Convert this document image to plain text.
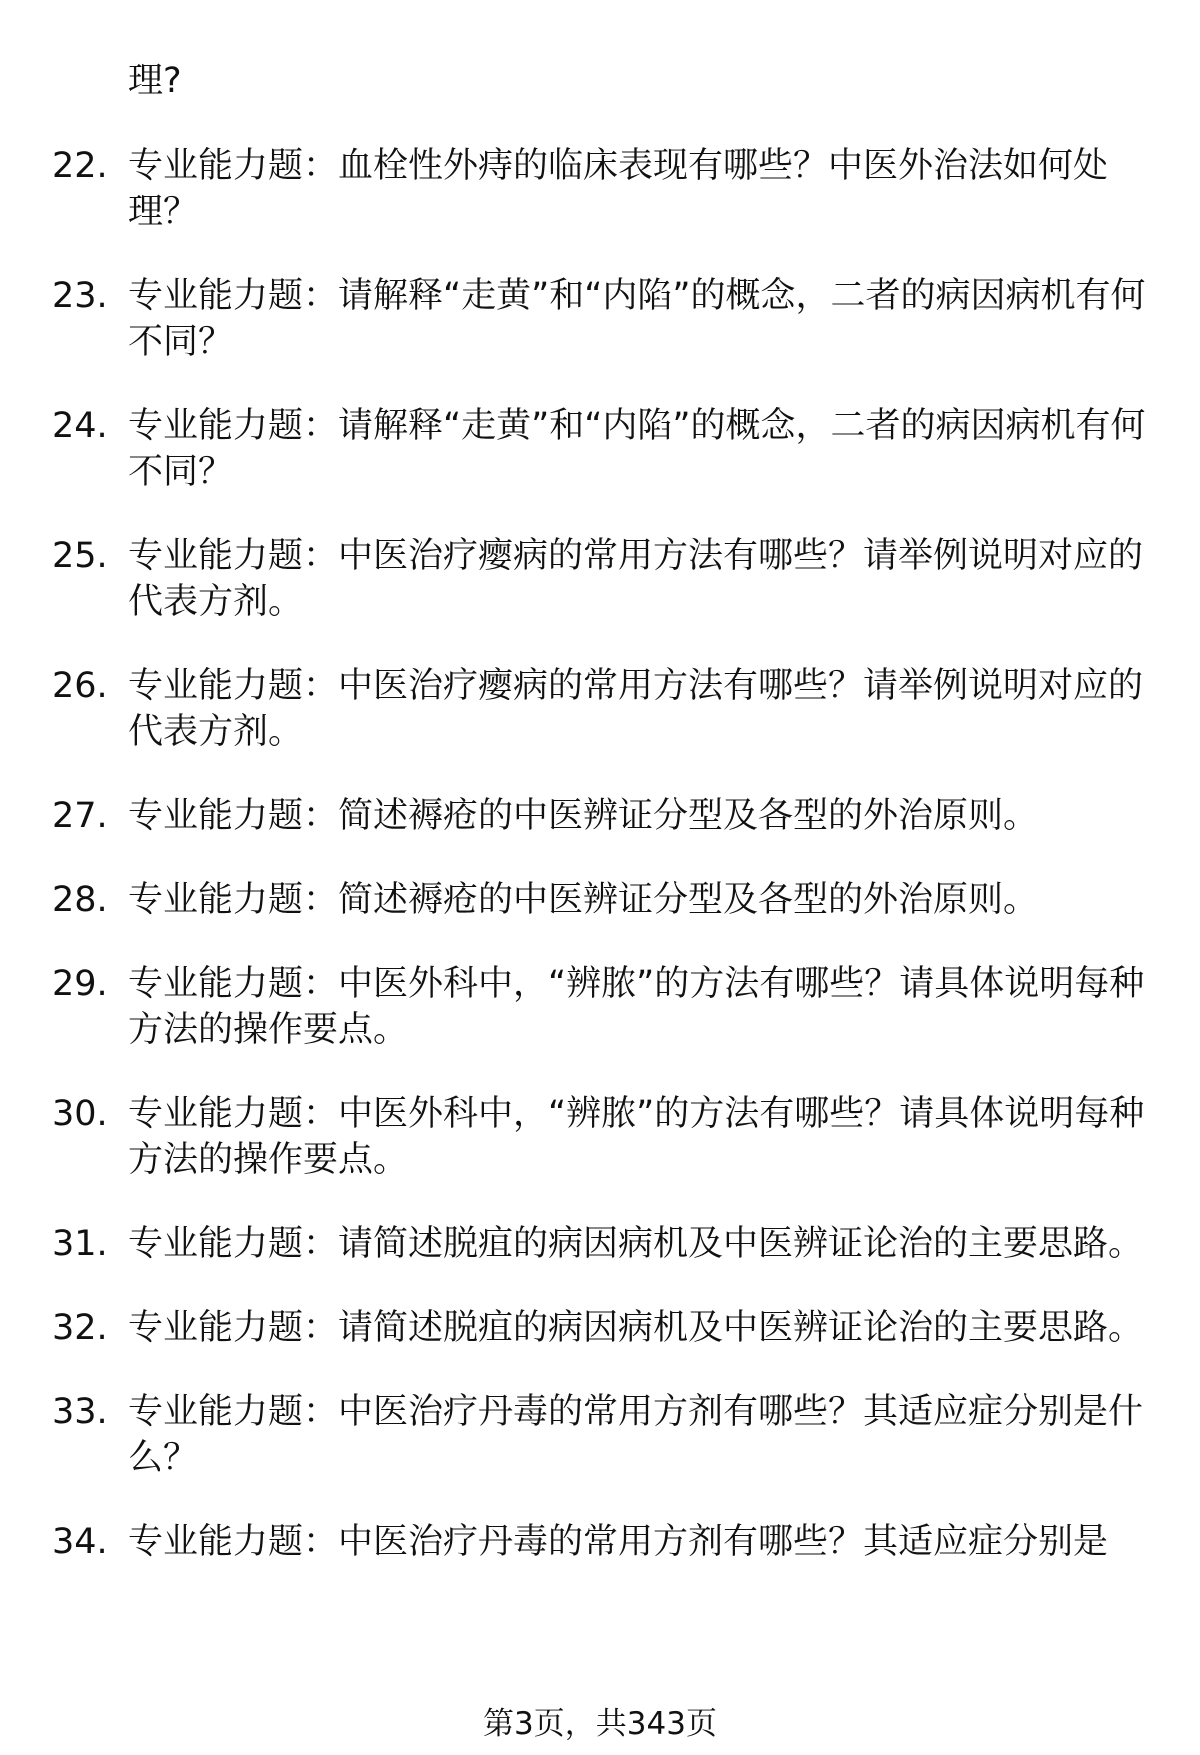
理?
22. 专业能力题：血栓性外痔的临床表现有哪些？中医外治法如何处理？
23. 专业能力题：请解释“走黄”和“内陷”的概念，二者的病因病机有何不同？
24. 专业能力题：请解释“走黄”和“内陷”的概念，二者的病因病机有何不同？
25. 专业能力题：中医治疗瘿病的常用方法有哪些？请举例说明对应的代表方剂。
26. 专业能力题：中医治疗瘿病的常用方法有哪些？请举例说明对应的代表方剂。
27. 专业能力题：简述褥疮的中医辨证分型及各型的外治原则。
28. 专业能力题：简述褥疮的中医辨证分型及各型的外治原则。
29. 专业能力题：中医外科中，“辨脓”的方法有哪些？请具体说明每种方法的操作要点。
30. 专业能力题：中医外科中，“辨脓”的方法有哪些？请具体说明每种方法的操作要点。
31. 专业能力题：请简述脱疽的病因病机及中医辨证论治的主要思路。
32. 专业能力题：请简述脱疽的病因病机及中医辨证论治的主要思路。
33. 专业能力题：中医治疗丹毒的常用方剂有哪些？其适应症分别是什么？
34. 专业能力题：中医治疗丹毒的常用方剂有哪些？其适应症分别是
第3页，共343页
